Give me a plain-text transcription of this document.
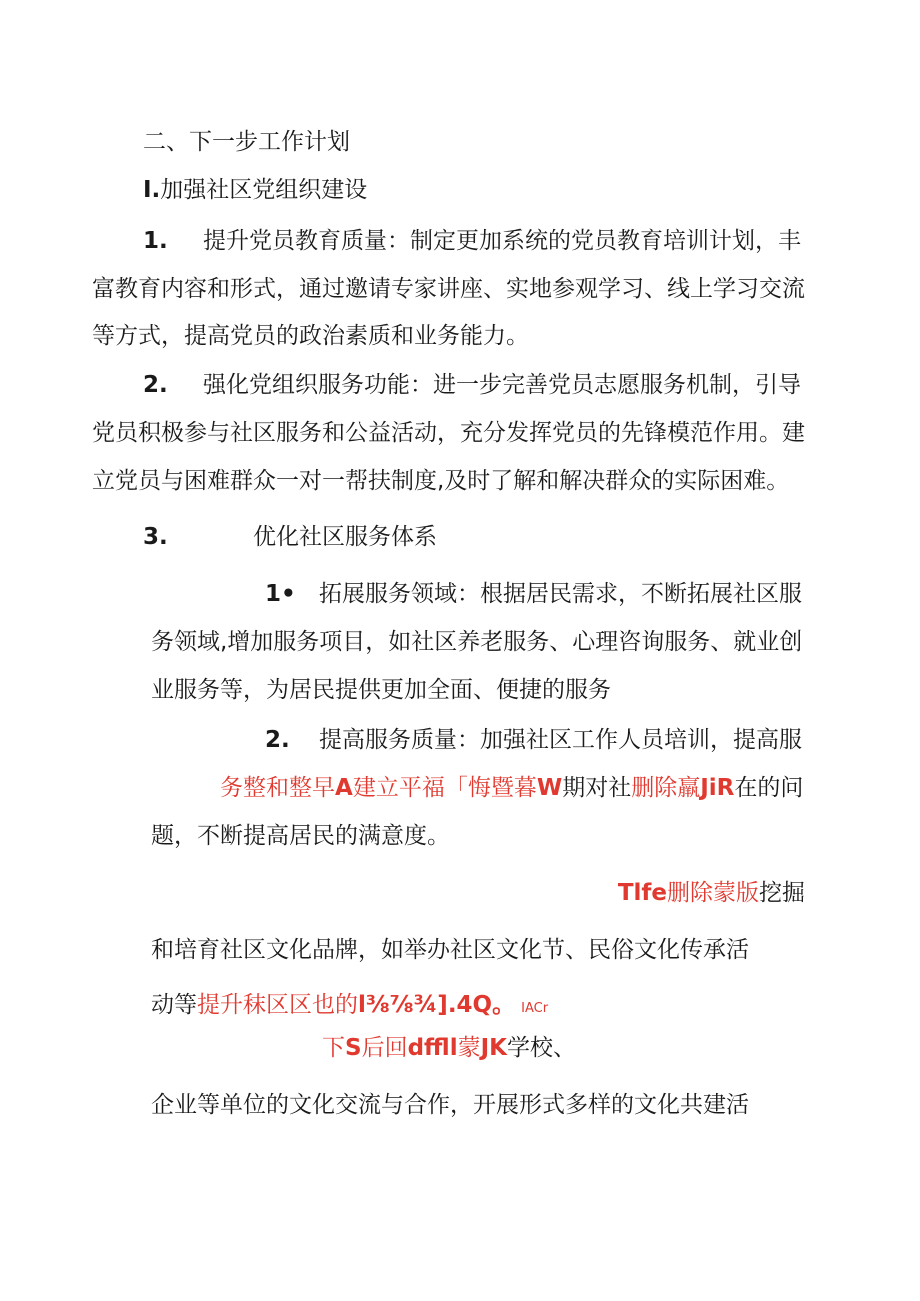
二、下一步工作计划
I.加强社区党组织建设
1. 提升党员教育质量：制定更加系统的党员教育培训计划，丰
富教育内容和形式，通过邀请专家讲座、实地参观学习、线上学习交流
等方式，提高党员的政治素质和业务能力。
2. 强化党组织服务功能：进一步完善党员志愿服务机制，引导
党员积极参与社区服务和公益活动，充分发挥党员的先锋模范作用。建
立党员与困难群众一对一帮扶制度,及时了解和解决群众的实际困难。
3.	优化社区服务体系
1• 拓展服务领域：根据居民需求，不断拓展社区服
务领域,增加服务项目，如社区养老服务、心理咨询服务、就业创
业服务等，为居民提供更加全面、便捷的服务
2. 提高服务质量：加强社区工作人员培训，提高服
务整和整早A建立平福「悔暨暮W期对社删除羸JiR在的问
题，不断提高居民的满意度。
Tlfe删除蒙版挖掘
和培育社区文化品牌，如举办社区文化节、民俗文化传承活
动等提升秣区区也的l⅜⅞¾].4Q。 IACr
下S后回dffll蒙JK学校、
企业等单位的文化交流与合作，开展形式多样的文化共建活
